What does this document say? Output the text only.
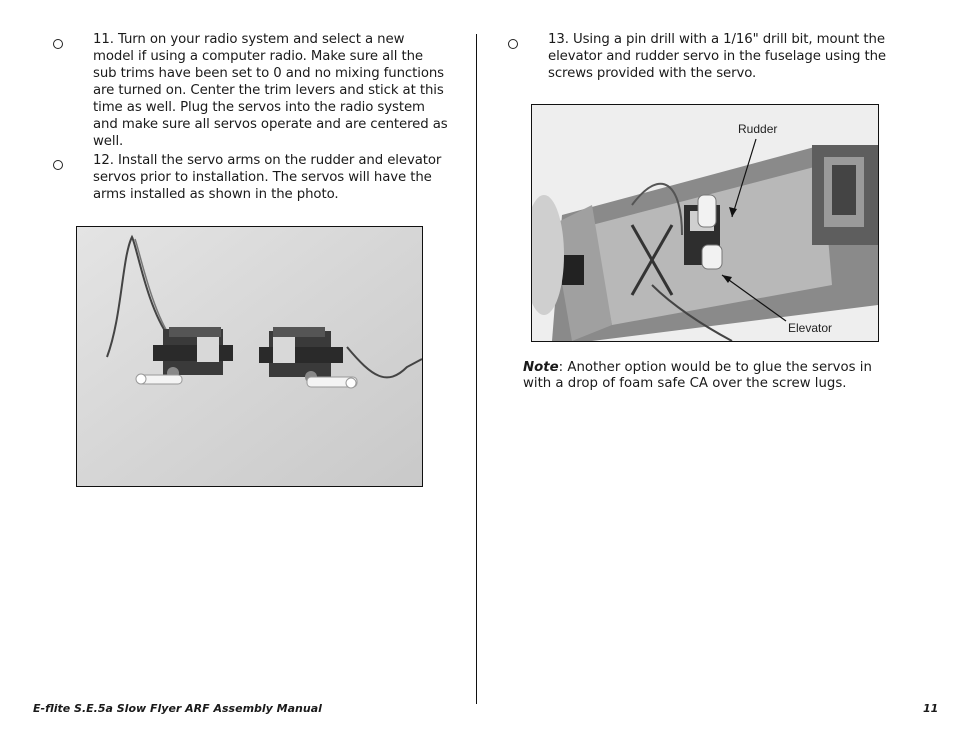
11. Turn on your radio system and select a new model if using a computer radio. Make sure all the sub trims have been set to 0 and no mixing functions are turned on. Center the trim levers and stick at this time as well. Plug the servos into the radio system and make sure all servos operate and are centered as well.
12. Install the servo arms on the rudder and elevator servos prior to installation. The servos will have the arms installed as shown in the photo.
13. Using a pin drill with a 1/16" drill bit, mount the elevator and rudder servo in the fuselage using the screws provided with the servo.
Rudder
Elevator
Note: Another option would be to glue the servos in with a drop of foam safe CA over the screw lugs.
E-flite S.E.5a Slow Flyer ARF Assembly Manual	11
